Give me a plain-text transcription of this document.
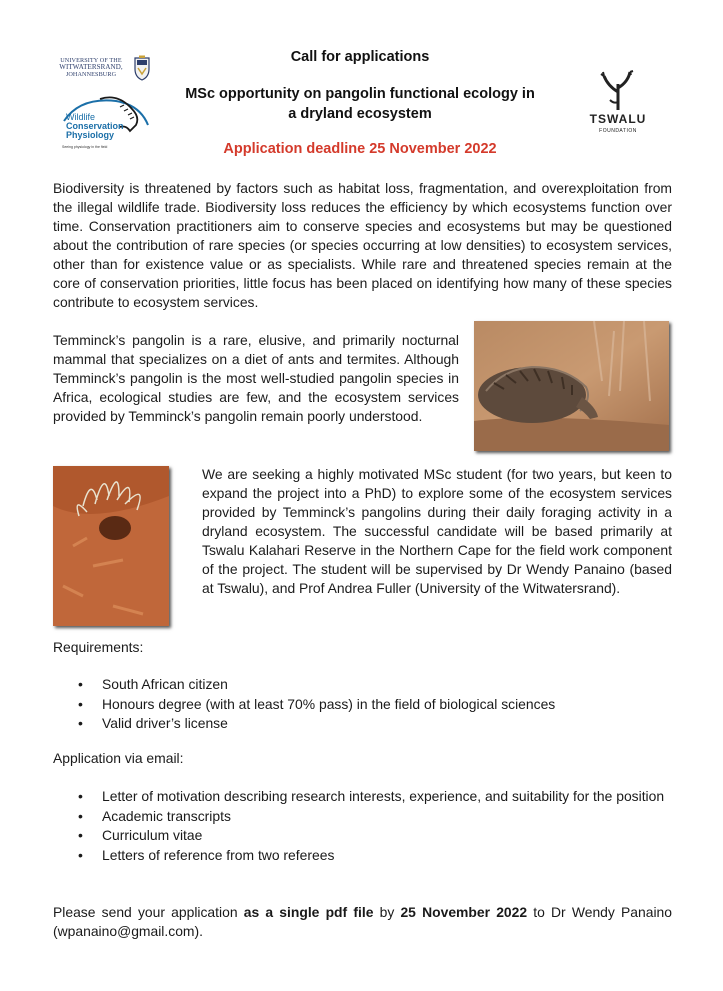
UNIVERSITY OF THE
WITWATERSRAND,
JOHANNESBURG
Wildlife
Conservation
Physiology
Seeing physiology in the field

Call for applications

MSc opportunity on pangolin functional ecology in
a dryland ecosystem

Application deadline 25 November 2022

TSWALU
FOUNDATION

Biodiversity is threatened by factors such as habitat loss, fragmentation, and overexploitation from the illegal wildlife trade. Biodiversity loss reduces the efficiency by which ecosystems function over time. Conservation practitioners aim to conserve species and ecosystems but may be questioned about the contribution of rare species (or species occurring at low densities) to ecosystem services, other than for existence value or as specialists. While rare and threatened species remain at the core of conservation priorities, little focus has been placed on identifying how many of these species contribute to ecosystem services.

Temminck’s pangolin is a rare, elusive, and primarily nocturnal mammal that specializes on a diet of ants and termites. Although Temminck’s pangolin is the most well-studied pangolin species in Africa, ecological studies are few, and the ecosystem services provided by Temminck’s pangolin remain poorly understood.

We are seeking a highly motivated MSc student (for two years, but keen to expand the project into a PhD) to explore some of the ecosystem services provided by Temminck’s pangolins during their daily foraging activity in a dryland ecosystem. The successful candidate will be based primarily at Tswalu Kalahari Reserve in the Northern Cape for the field work component of the project. The student will be supervised by Dr Wendy Panaino (based at Tswalu), and Prof Andrea Fuller (University of the Witwatersrand).

Requirements:

• South African citizen
• Honours degree (with at least 70% pass) in the field of biological sciences
• Valid driver’s license

Application via email:

• Letter of motivation describing research interests, experience, and suitability for the position
• Academic transcripts
• Curriculum vitae
• Letters of reference from two referees

Please send your application as a single pdf file by 25 November 2022 to Dr Wendy Panaino (wpanaino@gmail.com).
